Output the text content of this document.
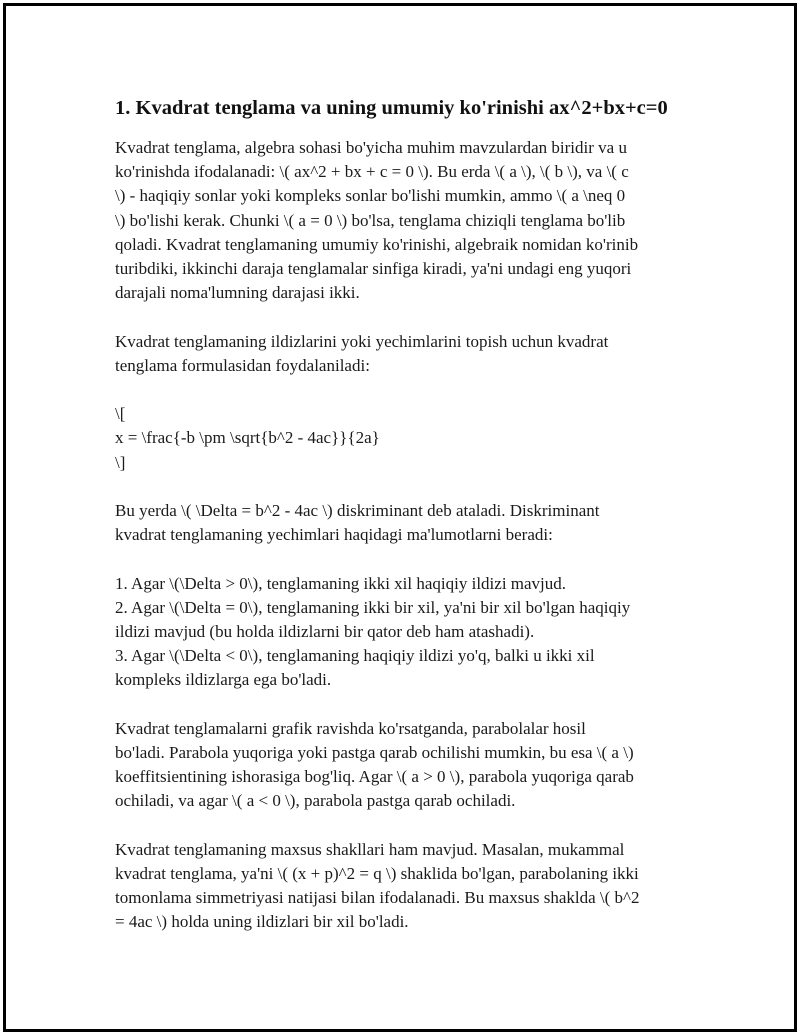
1. Kvadrat tenglama va uning umumiy ko'rinishi ax^2+bx+c=0
Kvadrat tenglama, algebra sohasi bo'yicha muhim mavzulardan biridir va u
ko'rinishda ifodalanadi: \( ax^2 + bx + c = 0 \). Bu erda \( a \), \( b \), va \( c
\) - haqiqiy sonlar yoki kompleks sonlar bo'lishi mumkin, ammo \( a \neq 0
\) bo'lishi kerak. Chunki \( a = 0 \) bo'lsa, tenglama chiziqli tenglama bo'lib
qoladi. Kvadrat tenglamaning umumiy ko'rinishi, algebraik nomidan ko'rinib
turibdiki, ikkinchi daraja tenglamalar sinfiga kiradi, ya'ni undagi eng yuqori
darajali noma'lumning darajasi ikki.
Kvadrat tenglamaning ildizlarini yoki yechimlarini topish uchun kvadrat
tenglama formulasidan foydalaniladi:
\[
x = \frac{-b \pm \sqrt{b^2 - 4ac}}{2a}
\]
Bu yerda \( \Delta = b^2 - 4ac \) diskriminant deb ataladi. Diskriminant
kvadrat tenglamaning yechimlari haqidagi ma'lumotlarni beradi:
1. Agar \(\Delta > 0\), tenglamaning ikki xil haqiqiy ildizi mavjud.
2. Agar \(\Delta = 0\), tenglamaning ikki bir xil, ya'ni bir xil bo'lgan haqiqiy
ildizi mavjud (bu holda ildizlarni bir qator deb ham atashadi).
3. Agar \(\Delta < 0\), tenglamaning haqiqiy ildizi yo'q, balki u ikki xil
kompleks ildizlarga ega bo'ladi.
Kvadrat tenglamalarni grafik ravishda ko'rsatganda, parabolalar hosil
bo'ladi. Parabola yuqoriga yoki pastga qarab ochilishi mumkin, bu esa \( a \)
koeffitsientining ishorasiga bog'liq. Agar \( a > 0 \), parabola yuqoriga qarab
ochiladi, va agar \( a < 0 \), parabola pastga qarab ochiladi.
Kvadrat tenglamaning maxsus shakllari ham mavjud. Masalan, mukammal
kvadrat tenglama, ya'ni \( (x + p)^2 = q \) shaklida bo'lgan, parabolaning ikki
tomonlama simmetriyasi natijasi bilan ifodalanadi. Bu maxsus shaklda \( b^2
= 4ac \) holda uning ildizlari bir xil bo'ladi.
